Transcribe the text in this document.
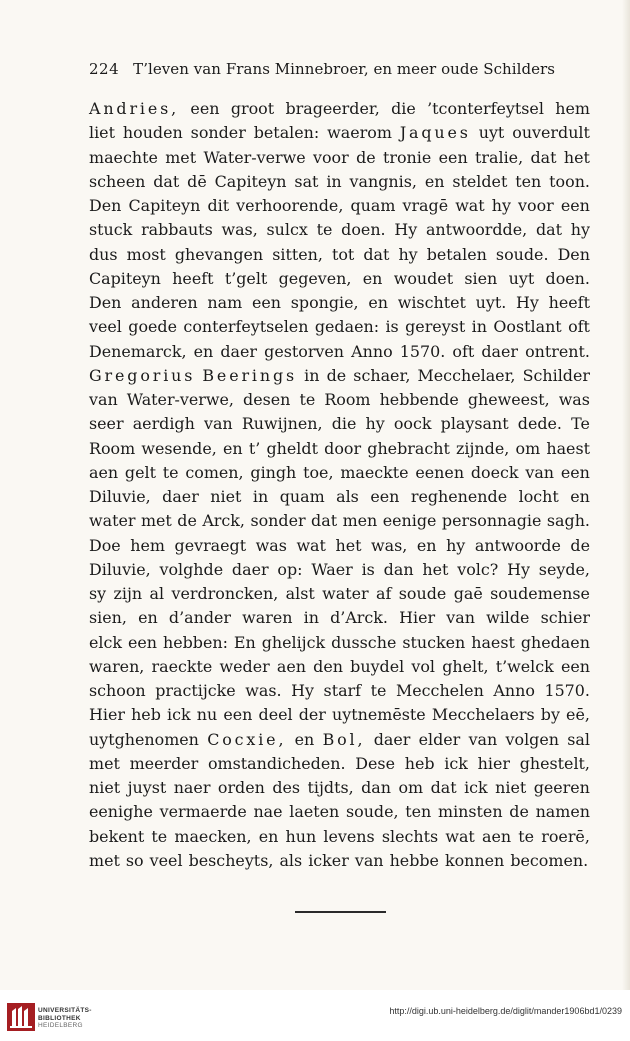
224 T’leven van Frans Minnebroer, en meer oude Schilders
Andries, een groot brageerder, die ’tconterfeytsel hem
liet houden sonder betalen: waerom Jaques uyt ouverdult
maechte met Water-verwe voor de tronie een tralie, dat het
scheen dat dē Capiteyn sat in vangnis, en steldet ten toon.
Den Capiteyn dit verhoorende, quam vragē wat hy voor een
stuck rabbauts was, sulcx te doen. Hy antwoordde, dat hy
dus most ghevangen sitten, tot dat hy betalen soude. Den
Capiteyn heeft t’gelt gegeven, en woudet sien uyt doen.
Den anderen nam een spongie, en wischtet uyt. Hy heeft
veel goede conterfeytselen gedaen: is gereyst in Oostlant oft
Denemarck, en daer gestorven Anno 1570. oft daer ontrent.
Gregorius Beerings in de schaer, Mecchelaer, Schilder
van Water-verwe, desen te Room hebbende gheweest, was
seer aerdigh van Ruwijnen, die hy oock playsant dede. Te
Room wesende, en t’ gheldt door ghebracht zijnde, om haest
aen gelt te comen, gingh toe, maeckte eenen doeck van een
Diluvie, daer niet in quam als een reghenende locht en
water met de Arck, sonder dat men eenige personnagie sagh.
Doe hem gevraegt was wat het was, en hy antwoorde de
Diluvie, volghde daer op: Waer is dan het volc? Hy seyde,
sy zijn al verdroncken, alst water af soude gaē soudemense
sien, en d’ander waren in d’Arck. Hier van wilde schier
elck een hebben: En ghelijck dussche stucken haest ghedaen
waren, raeckte weder aen den buydel vol ghelt, t’welck een
schoon practijcke was. Hy starf te Mecchelen Anno 1570.
Hier heb ick nu een deel der uytnemēste Mecchelaers by eē,
uytghenomen Cocxie, en Bol, daer elder van volgen sal
met meerder omstandicheden. Dese heb ick hier ghestelt,
niet juyst naer orden des tijdts, dan om dat ick niet geeren
eenighe vermaerde nae laeten soude, ten minsten de namen
bekent te maecken, en hun levens slechts wat aen te roerē,
met so veel bescheyts, als icker van hebbe konnen becomen.
UNIVERSITÄTS-
BIBLIOTHEK
HEIDELBERG
http://digi.ub.uni-heidelberg.de/diglit/mander1906bd1/0239
